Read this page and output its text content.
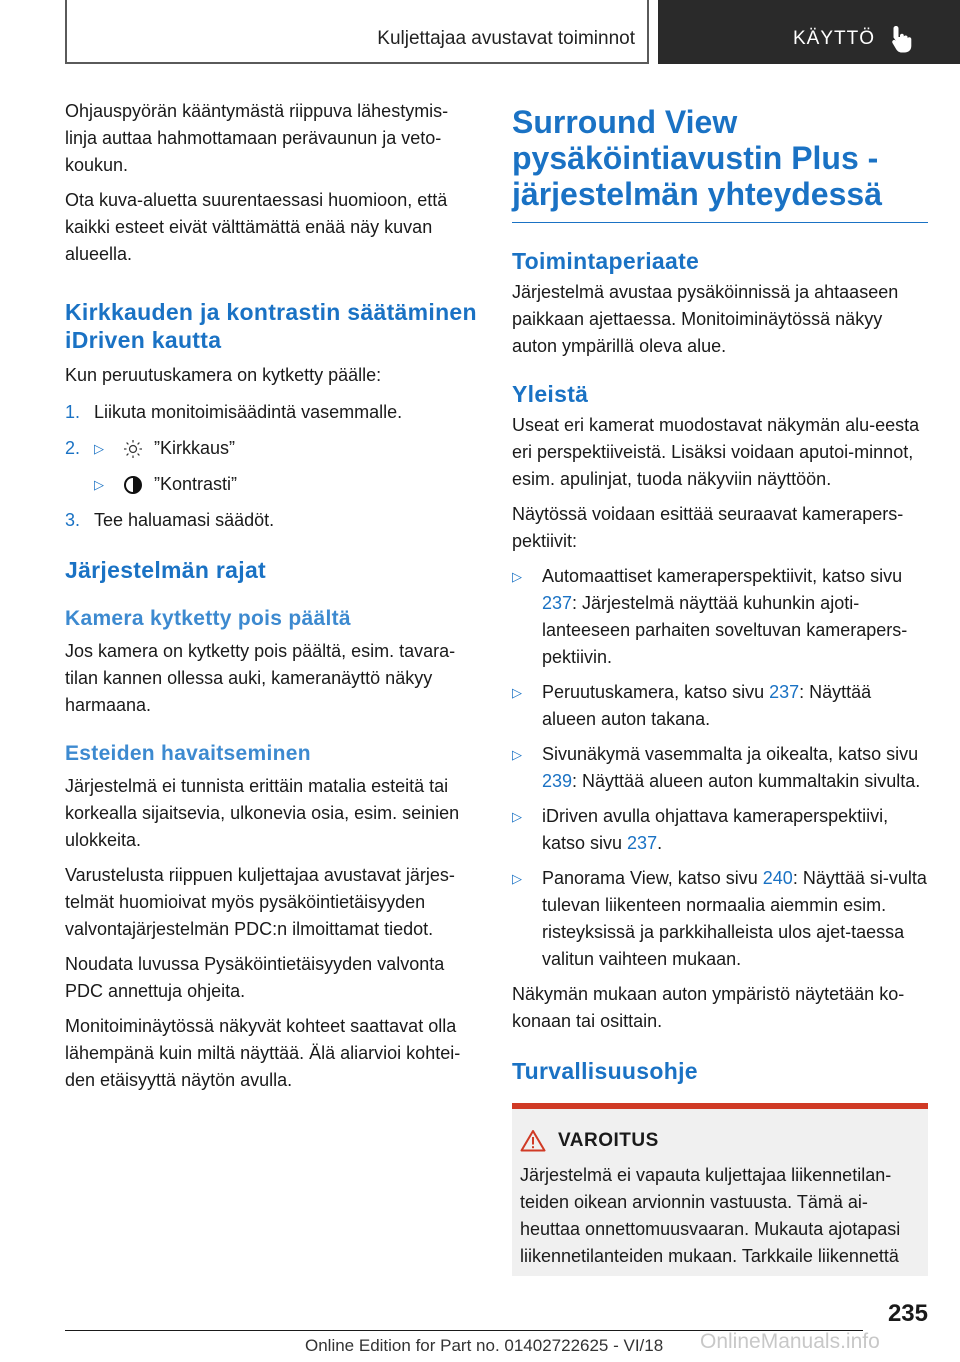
Kuljettajaa avustavat toiminnot	KÄYTTÖ

Ohjauspyörän kääntymästä riippuva lähestymis-linja auttaa hahmottamaan perävaunun ja veto-koukun.

Ota kuva-aluetta suurentaessasi huomioon, että kaikki esteet eivät välttämättä enää näy kuvan alueella.

Kirkkauden ja kontrastin säätäminen iDriven kautta

Kun peruutuskamera on kytketty päälle:

1. Liikuta monitoimisäädintä vasemmalle.
2. ▷	”Kirkkaus”
▷	”Kontrasti”
3. Tee haluamasi säädöt.
Järjestelmän rajat
Kamera kytketty pois päältä

Jos kamera on kytketty pois päältä, esim. tavara-tilan kannen ollessa auki, kameranäyttö näkyy harmaana.

Esteiden havaitseminen

Järjestelmä ei tunnista erittäin matalia esteitä tai korkealla sijaitsevia, ulkonevia osia, esim. seinien ulokkeita.

Varustelusta riippuen kuljettajaa avustavat järjes-telmät huomioivat myös pysäköintietäisyyden valvontajärjestelmän PDC:n ilmoittamat tiedot.

Noudata luvussa Pysäköintietäisyyden valvonta PDC annettuja ohjeita.

Monitoiminäytössä näkyvät kohteet saattavat olla lähempänä kuin miltä näyttää. Älä aliarvioi kohtei-den etäisyyttä näytön avulla.

Surround View pysäköintiavustin Plus -järjestelmän yhteydessä
Toimintaperiaate

Järjestelmä avustaa pysäköinnissä ja ahtaaseen paikkaan ajettaessa. Monitoiminäytössä näkyy auton ympärillä oleva alue.

Yleistä

Useat eri kamerat muodostavat näkymän alu-eesta eri perspektiiveistä. Lisäksi voidaan aputoi-minnot, esim. apulinjat, tuoda näkyviin näyttöön.

Näytössä voidaan esittää seuraavat kamerapers-pektiivit:

▷	Automaattiset kameraperspektiivit, katso sivu 237: Järjestelmä näyttää kuhunkin ajoti-lanteeseen parhaiten soveltuvan kamerapers-pektiivin.
▷	Peruutuskamera, katso sivu 237: Näyttää alueen auton takana.
▷	Sivunäkymä vasemmalta ja oikealta, katso sivu 239: Näyttää alueen auton kummaltakin sivulta.
▷	iDriven avulla ohjattava kameraperspektiivi, katso sivu 237.
▷	Panorama View, katso sivu 240: Näyttää si-vulta tulevan liikenteen normaalia aiemmin esim. risteyksissä ja parkkihalleista ulos ajet-taessa valitun vaihteen mukaan.

Näkymän mukaan auton ympäristö näytetään ko-konaan tai osittain.

Turvallisuusohje
VAROITUS

Järjestelmä ei vapauta kuljettajaa liikennetilan-teiden oikean arvionnin vastuusta. Tämä ai-heuttaa onnettomuusvaaran. Mukauta ajotapasi liikennetilanteiden mukaan. Tarkkaile liikennettä

235
Online Edition for Part no. 01402722625 - VI/18 OnlineManuals.info
